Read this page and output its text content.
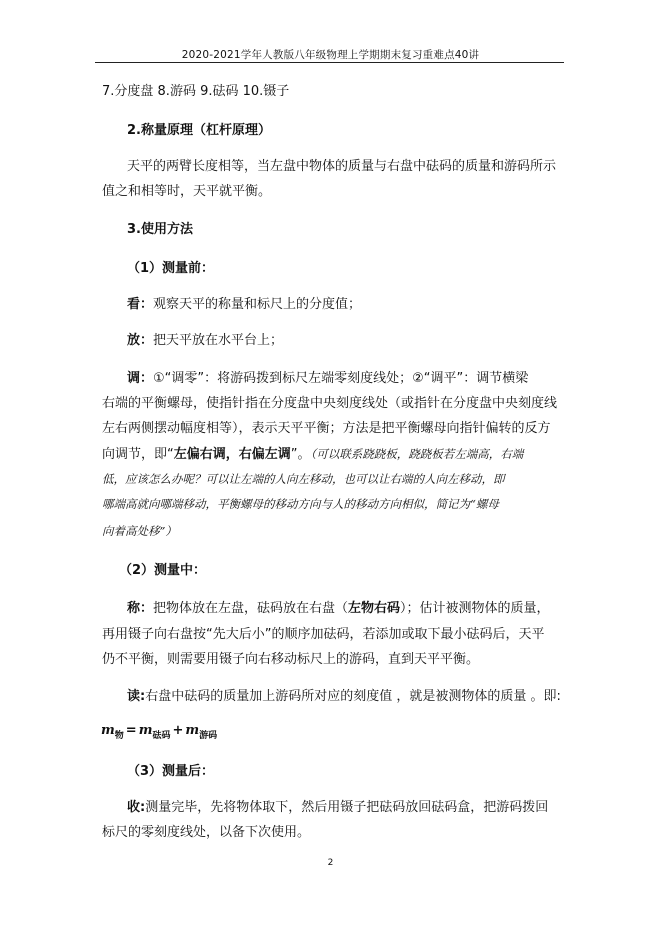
2020-2021学年人教版八年级物理上学期期末复习重难点40讲
7.分度盘 8.游码 9.砝码 10.镊子
2.称量原理（杠杆原理）
天平的两臂长度相等，当左盘中物体的质量与右盘中砝码的质量和游码所示
值之和相等时，天平就平衡。
3.使用方法
（1）测量前：
看：观察天平的称量和标尺上的分度值；
放：把天平放在水平台上；
调：①“调零”：将游码拨到标尺左端零刻度线处；②“调平”：调节横梁
右端的平衡螺母，使指针指在分度盘中央刻度线处（或指针在分度盘中央刻度线
左右两侧摆动幅度相等），表示天平平衡；方法是把平衡螺母向指针偏转的反方
向调节，即“左偏右调，右偏左调”。（可以联系跷跷板，跷跷板若左端高，右端
低，应该怎么办呢？可以让左端的人向左移动，也可以让右端的人向左移动，即
哪端高就向哪端移动，平衡螺母的移动方向与人的移动方向相似，简记为“螺母
向着高处移”）
（2）测量中：
称：把物体放在左盘，砝码放在右盘（左物右码）；估计被测物体的质量，
再用镊子向右盘按“先大后小”的顺序加砝码，若添加或取下最小砝码后，天平
仍不平衡，则需要用镊子向右移动标尺上的游码，直到天平平衡。
读:右盘中砝码的质量加上游码所对应的刻度值 ，就是被测物体的质量 。即:
$m_物 = m_{砝码} + m_{游码}$
（3）测量后：
收:测量完毕，先将物体取下，然后用镊子把砝码放回砝码盒，把游码拨回
标尺的零刻度线处，以备下次使用。
2
